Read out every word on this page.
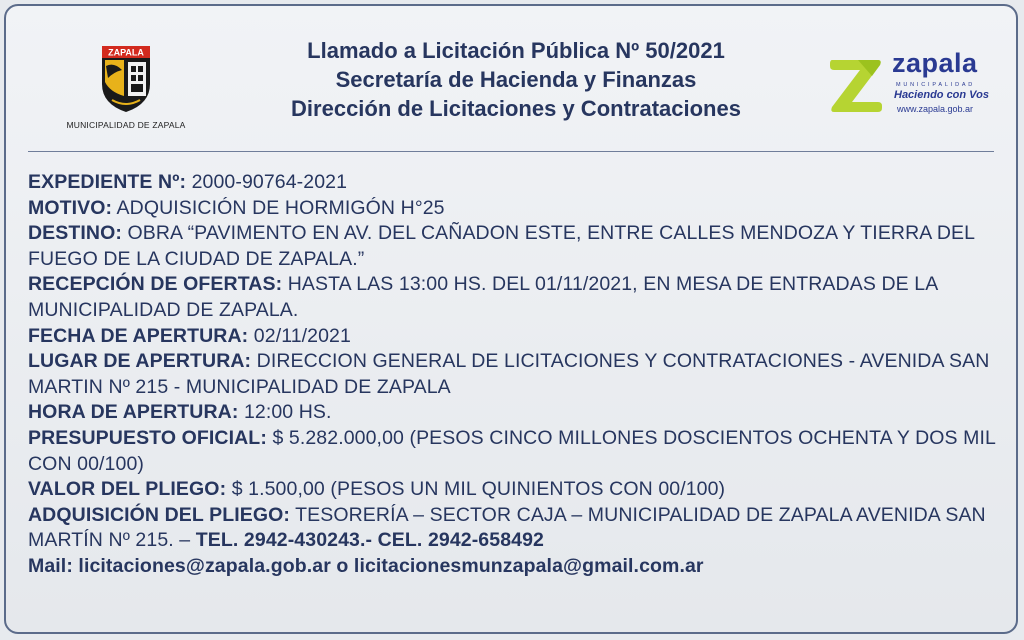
ZAPALA
MUNICIPALIDAD DE ZAPALA
Llamado a Licitación Pública Nº 50/2021
Secretaría de Hacienda y Finanzas
Dirección de Licitaciones y Contrataciones
zapala
MUNICIPALIDAD
Haciendo con Vos
www.zapala.gob.ar

EXPEDIENTE Nº: 2000-90764-2021

MOTIVO: ADQUISICIÓN DE HORMIGÓN H°25

DESTINO: OBRA “PAVIMENTO EN AV. DEL CAÑADON ESTE, ENTRE CALLES MENDOZA Y TIERRA DEL FUEGO DE LA CIUDAD DE ZAPALA.”

RECEPCIÓN DE OFERTAS: HASTA LAS 13:00 HS. DEL 01/11/2021, EN MESA DE ENTRADAS DE LA MUNICIPALIDAD DE ZAPALA.

FECHA DE APERTURA: 02/11/2021

LUGAR DE APERTURA: DIRECCION GENERAL DE LICITACIONES Y CONTRATACIONES - AVENIDA SAN MARTIN Nº 215 - MUNICIPALIDAD DE ZAPALA

HORA DE APERTURA: 12:00 HS.

PRESUPUESTO OFICIAL: $ 5.282.000,00 (PESOS CINCO MILLONES DOSCIENTOS OCHENTA Y DOS MIL CON 00/100)

VALOR DEL PLIEGO: $ 1.500,00 (PESOS UN MIL QUINIENTOS CON 00/100)

ADQUISICIÓN DEL PLIEGO: TESORERÍA – SECTOR CAJA – MUNICIPALIDAD DE ZAPALA AVENIDA SAN MARTÍN Nº 215. – TEL. 2942-430243.- CEL. 2942-658492

Mail: licitaciones@zapala.gob.ar o licitacionesmunzapala@gmail.com.ar
